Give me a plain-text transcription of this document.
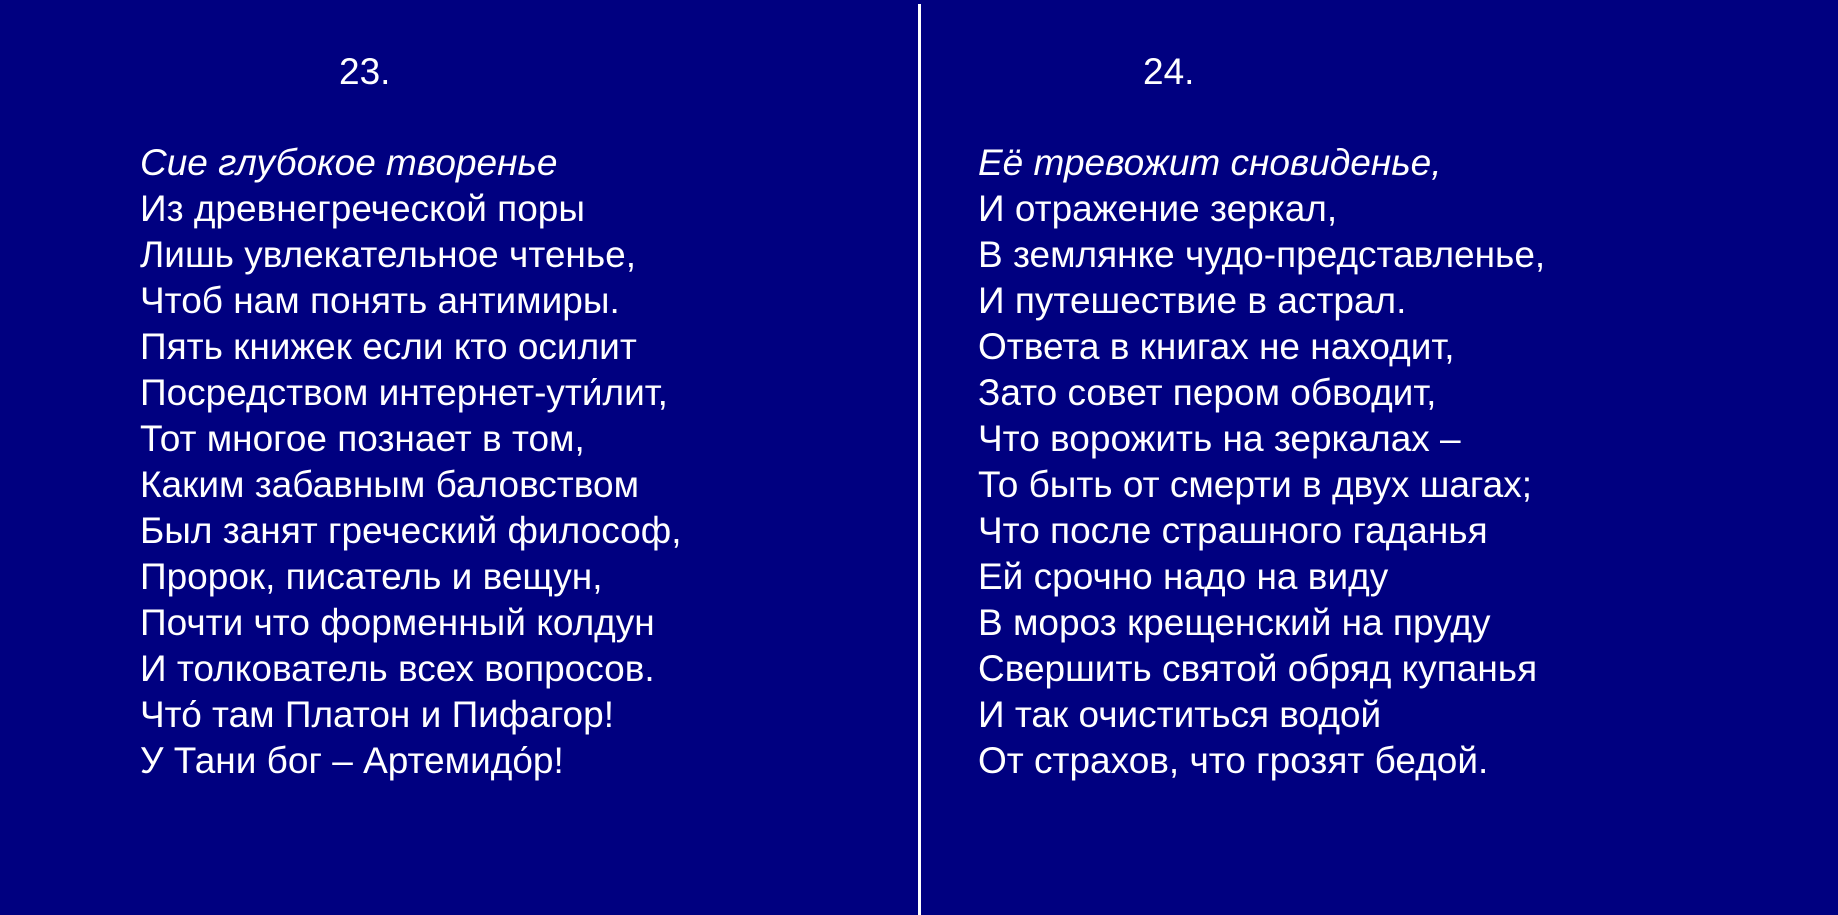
23.
Сие глубокое творенье
Из древнегреческой поры
Лишь увлекательное чтенье,
Чтоб нам понять антимиры.
Пять книжек если кто осилит
Посредством интернет-ути́лит,
Тот многое познает в том,
Каким забавным баловством
Был занят греческий философ,
Пророк, писатель и вещун,
Почти что форменный колдун
И толкователь всех вопросов.
Что́ там Платон и Пифагор!
У Тани бог – Артемидо́р!
24.
Её тревожит сновиденье,
И отражение зеркал,
В землянке чудо-представленье,
И путешествие в астрал.
Ответа в книгах не находит,
Зато совет пером обводит,
Что ворожить на зеркалах –
То быть от смерти в двух шагах;
Что после страшного гаданья
Ей срочно надо на виду
В мороз крещенский на пруду
Свершить святой обряд купанья
И так очиститься водой
От страхов, что грозят бедой.
